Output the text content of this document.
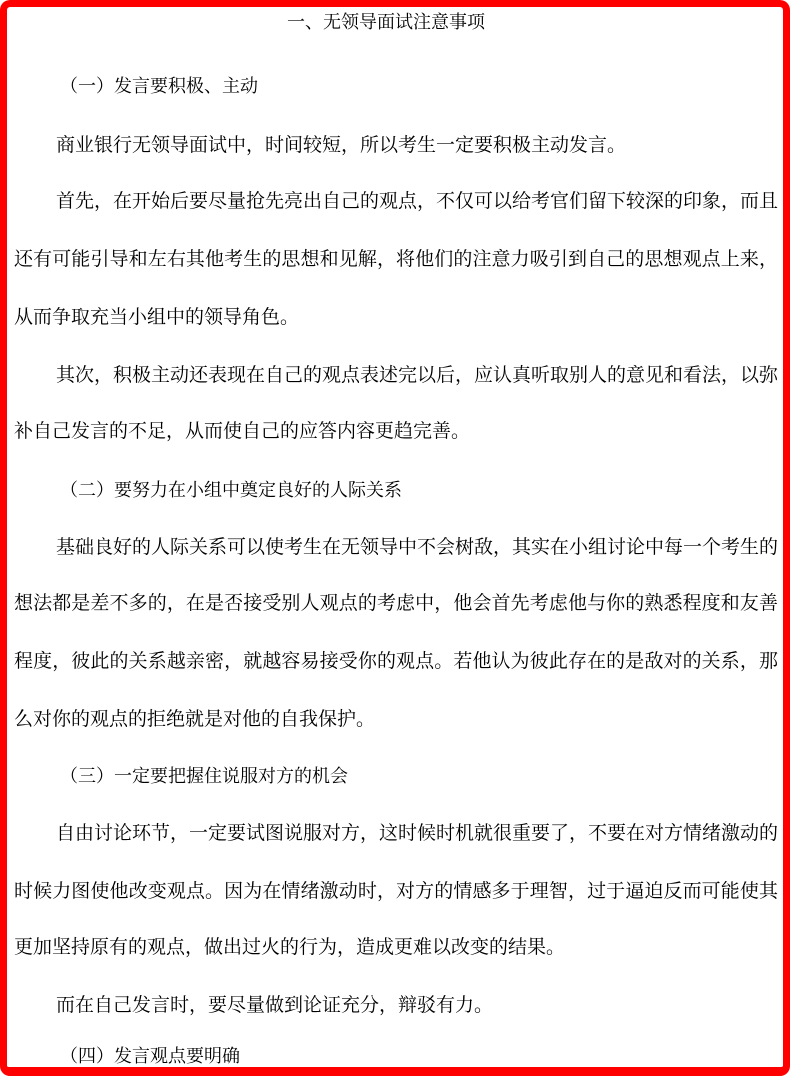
一、无领导面试注意事项
（一）发言要积极、主动
商业银行无领导面试中，时间较短，所以考生一定要积极主动发言。
首先，在开始后要尽量抢先亮出自己的观点，不仅可以给考官们留下较深的印象，而且
还有可能引导和左右其他考生的思想和见解，将他们的注意力吸引到自己的思想观点上来，
从而争取充当小组中的领导角色。
其次，积极主动还表现在自己的观点表述完以后，应认真听取别人的意见和看法，以弥
补自己发言的不足，从而使自己的应答内容更趋完善。
（二）要努力在小组中奠定良好的人际关系
基础良好的人际关系可以使考生在无领导中不会树敌，其实在小组讨论中每一个考生的
想法都是差不多的，在是否接受别人观点的考虑中，他会首先考虑他与你的熟悉程度和友善
程度，彼此的关系越亲密，就越容易接受你的观点。若他认为彼此存在的是敌对的关系，那
么对你的观点的拒绝就是对他的自我保护。
（三）一定要把握住说服对方的机会
自由讨论环节，一定要试图说服对方，这时候时机就很重要了，不要在对方情绪激动的
时候力图使他改变观点。因为在情绪激动时，对方的情感多于理智，过于逼迫反而可能使其
更加坚持原有的观点，做出过火的行为，造成更难以改变的结果。
而在自己发言时，要尽量做到论证充分，辩驳有力。
（四）发言观点要明确
